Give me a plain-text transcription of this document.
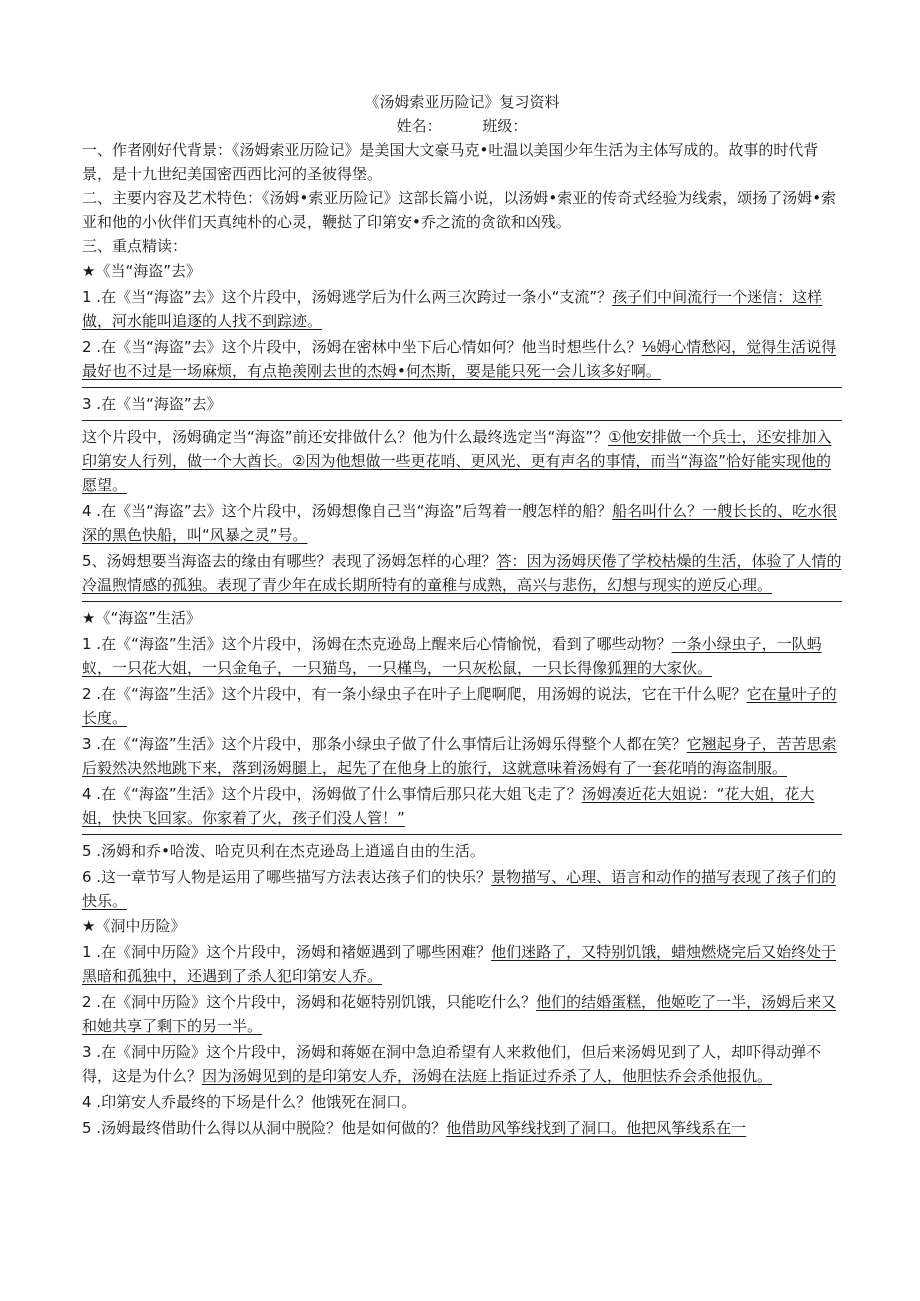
《汤姆索亚历险记》复习资料
姓名：	班级：

一、作者刚好代背景：《汤姆索亚历险记》是美国大文豪马克•吐温以美国少年生活为主体写成的。故事的时代背景，是十九世纪美国密西西比河的圣彼得堡。

二、主要内容及艺术特色：《汤姆•索亚历险记》这部长篇小说，以汤姆•索亚的传奇式经验为线索，颂扬了汤姆•索亚和他的小伙伴们天真纯朴的心灵，鞭挞了印第安•乔之流的贪欲和凶残。

三、重点精读：

★《当“海盗”去》

1 .在《当“海盗”去》这个片段中，汤姆逃学后为什么两三次跨过一条小“支流”？孩子们中间流行一个迷信：这样做，河水能叫追逐的人找不到踪迹。

2 .在《当“海盗”去》这个片段中，汤姆在密林中坐下后心情如何？他当时想些什么？⅛姆心情愁闷，觉得生活说得最好也不过是一场麻烦，有点艳羡刚去世的杰姆•何杰斯，要是能只死一会儿该多好啊。

3 .在《当“海盗”去》

这个片段中，汤姆确定当“海盗”前还安排做什么？他为什么最终选定当“海盗”？①他安排做一个兵士，还安排加入印第安人行列，做一个大酋长。②因为他想做一些更花哨、更风光、更有声名的事情，而当“海盗”恰好能实现他的愿望。

4 .在《当“海盗”去》这个片段中，汤姆想像自己当“海盗”后驾着一艘怎样的船？船名叫什么？一艘长长的、吃水很深的黑色快船，叫“风暴之灵”号。

5、汤姆想要当海盗去的缘由有哪些？表现了汤姆怎样的心理？答：因为汤姆厌倦了学校枯燥的生活，体验了人情的冷温煦情感的孤独。表现了青少年在成长期所特有的童稚与成熟，高兴与悲伤，幻想与现实的逆反心理。

★《“海盗”生活》

1 .在《“海盗”生活》这个片段中，汤姆在杰克逊岛上醒来后心情愉悦，看到了哪些动物？一条小绿虫子，一队蚂蚁，一只花大姐，一只金龟子，一只猫鸟，一只槿鸟，一只灰松鼠，一只长得像狐狸的大家伙。

2 .在《“海盗”生活》这个片段中，有一条小绿虫子在叶子上爬啊爬，用汤姆的说法，它在干什么呢？它在量叶子的长度。

3 .在《“海盗”生活》这个片段中，那条小绿虫子做了什么事情后让汤姆乐得整个人都在笑？它翘起身子，苦苦思索后毅然决然地跳下来，落到汤姆腿上，起先了在他身上的旅行，这就意味着汤姆有了一套花哨的海盗制服。

4 .在《“海盗”生活》这个片段中，汤姆做了什么事情后那只花大姐飞走了？汤姆凑近花大姐说：“花大姐，花大姐，快快飞回家。你家着了火，孩子们没人管！”

5 .汤姆和乔•哈泼、哈克贝利在杰克逊岛上逍遥自由的生活。

6 .这一章节写人物是运用了哪些描写方法表达孩子们的快乐？景物描写、心理、语言和动作的描写表现了孩子们的快乐。

★《洞中历险》

1 .在《洞中历险》这个片段中，汤姆和褚姬遇到了哪些困难？他们迷路了，又特别饥饿，蜡烛燃烧完后又始终处于黑暗和孤独中，还遇到了杀人犯印第安人乔。

2 .在《洞中历险》这个片段中，汤姆和花姬特别饥饿，只能吃什么？他们的结婚蛋糕，他姬吃了一半，汤姆后来又和她共享了剩下的另一半。

3 .在《洞中历险》这个片段中，汤姆和蒋姬在洞中急迫希望有人来救他们，但后来汤姆见到了人，却吓得动弹不得，这是为什么？因为汤姆见到的是印第安人乔，汤姆在法庭上指证过乔杀了人，他胆怯乔会杀他报仇。

4 .印第安人乔最终的下场是什么？他饿死在洞口。

5 .汤姆最终借助什么得以从洞中脱险？他是如何做的？他借助风筝线找到了洞口。他把风筝线系在一
